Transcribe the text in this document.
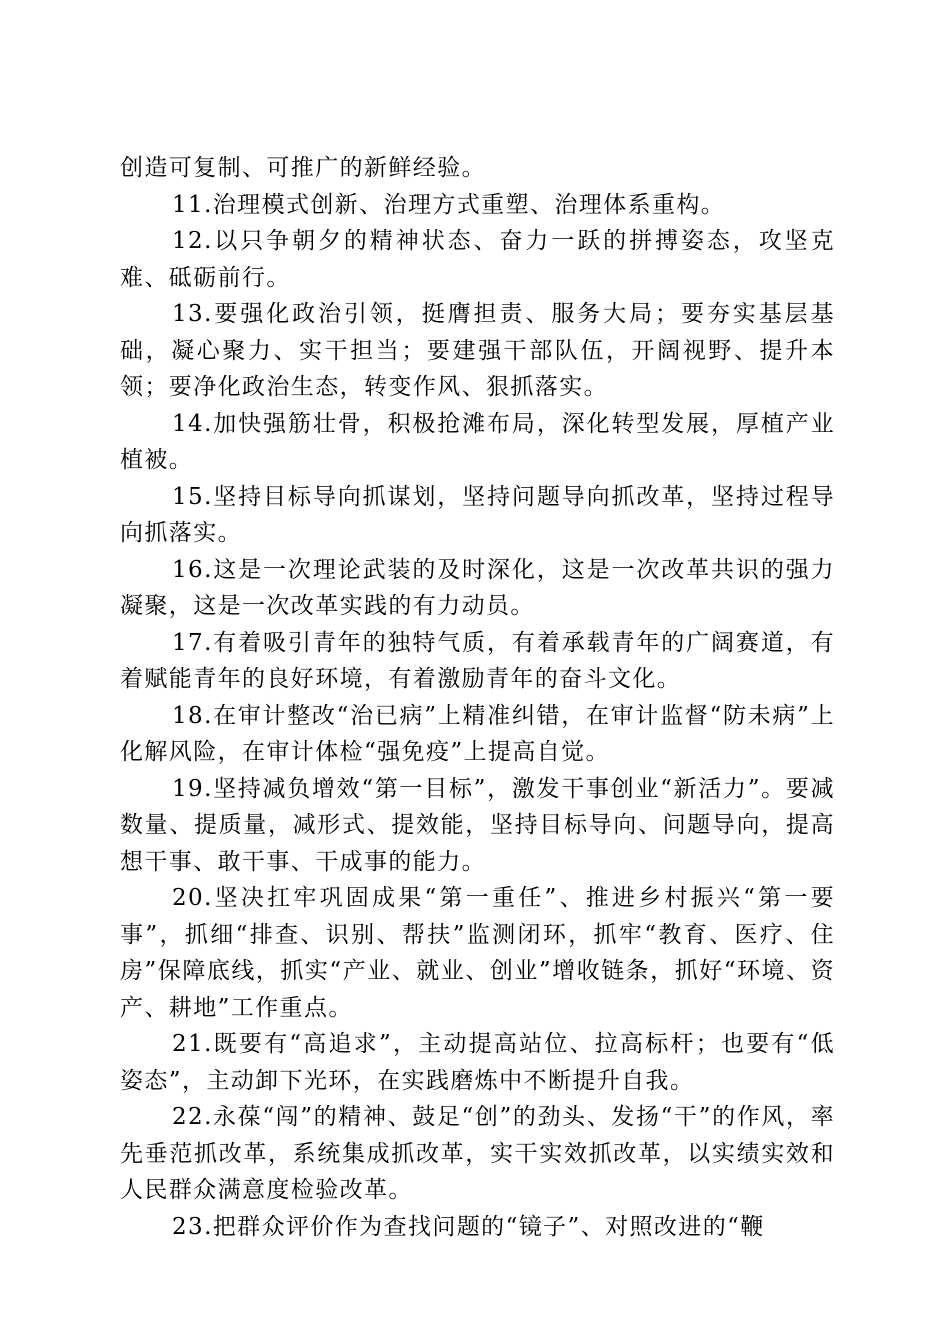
创造可复制、可推广的新鲜经验。

11.治理模式创新、治理方式重塑、治理体系重构。

12.以只争朝夕的精神状态、奋力一跃的拼搏姿态，攻坚克难、砥砺前行。

13.要强化政治引领，挺膺担责、服务大局；要夯实基层基础，凝心聚力、实干担当；要建强干部队伍，开阔视野、提升本领；要净化政治生态，转变作风、狠抓落实。

14.加快强筋壮骨，积极抢滩布局，深化转型发展，厚植产业植被。

15.坚持目标导向抓谋划，坚持问题导向抓改革，坚持过程导向抓落实。

16.这是一次理论武装的及时深化，这是一次改革共识的强力凝聚，这是一次改革实践的有力动员。

17.有着吸引青年的独特气质，有着承载青年的广阔赛道，有着赋能青年的良好环境，有着激励青年的奋斗文化。

18.在审计整改“治已病”上精准纠错，在审计监督“防未病”上化解风险，在审计体检“强免疫”上提高自觉。

19.坚持减负增效“第一目标”，激发干事创业“新活力”。要减数量、提质量，减形式、提效能，坚持目标导向、问题导向，提高想干事、敢干事、干成事的能力。

20.坚决扛牢巩固成果“第一重任”、推进乡村振兴“第一要事”，抓细“排查、识别、帮扶”监测闭环，抓牢“教育、医疗、住房”保障底线，抓实“产业、就业、创业”增收链条，抓好“环境、资产、耕地”工作重点。

21.既要有“高追求”，主动提高站位、拉高标杆；也要有“低姿态”，主动卸下光环，在实践磨炼中不断提升自我。

22.永葆“闯”的精神、鼓足“创”的劲头、发扬“干”的作风，率先垂范抓改革，系统集成抓改革，实干实效抓改革，以实绩实效和人民群众满意度检验改革。

23.把群众评价作为查找问题的“镜子”、对照改进的“鞭
